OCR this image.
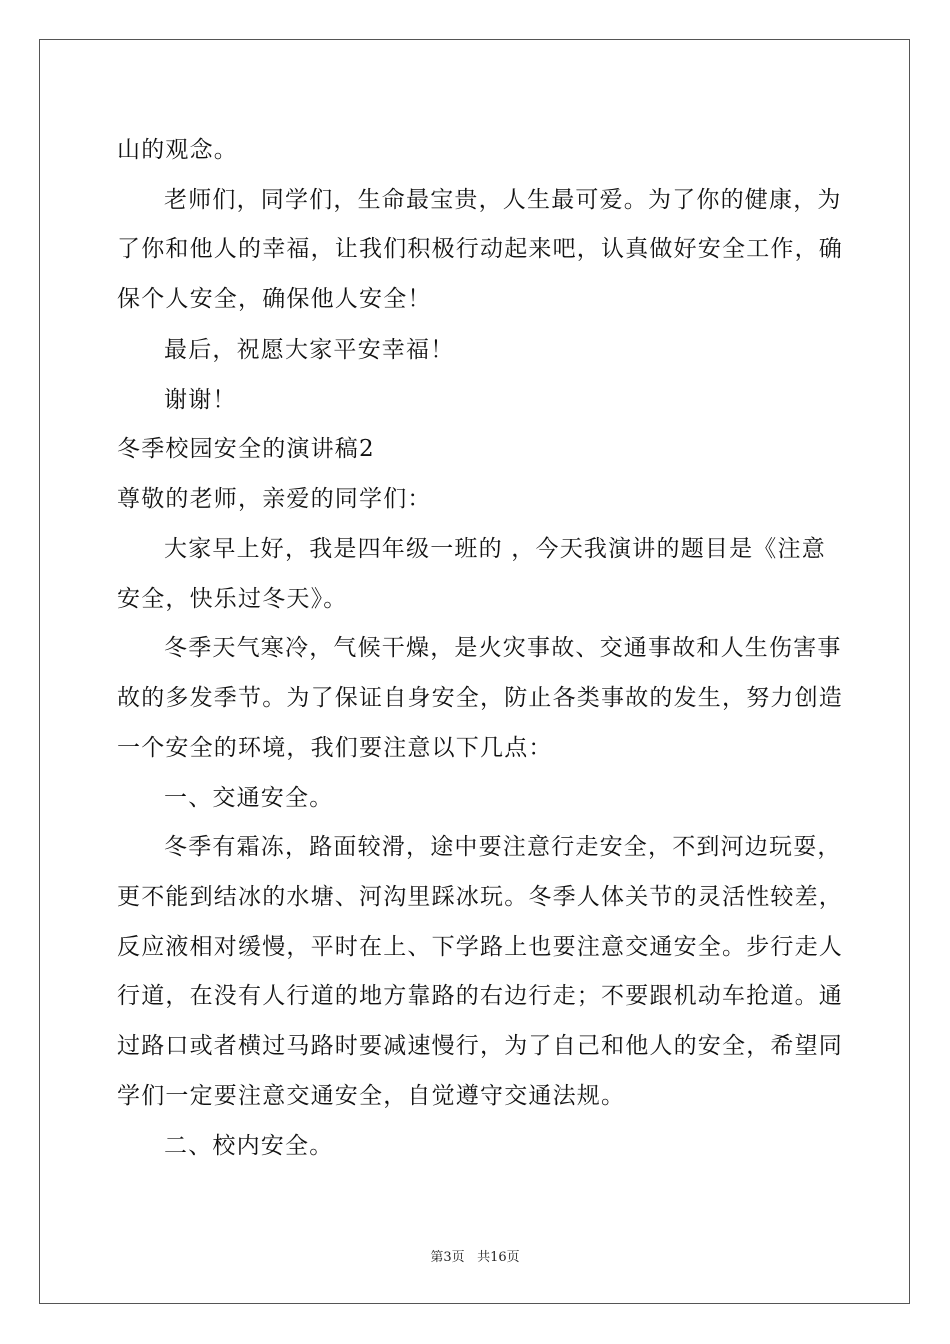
山的观念。
老师们，同学们，生命最宝贵，人生最可爱。为了你的健康，为
了你和他人的幸福，让我们积极行动起来吧，认真做好安全工作，确
保个人安全，确保他人安全！
最后，祝愿大家平安幸福！
谢谢！
冬季校园安全的演讲稿2
尊敬的老师，亲爱的同学们：
大家早上好，我是四年级一班的 ，今天我演讲的题目是《注意
安全，快乐过冬天》。
冬季天气寒冷，气候干燥，是火灾事故、交通事故和人生伤害事
故的多发季节。为了保证自身安全，防止各类事故的发生，努力创造
一个安全的环境，我们要注意以下几点：
一、交通安全。
冬季有霜冻，路面较滑，途中要注意行走安全，不到河边玩耍，
更不能到结冰的水塘、河沟里踩冰玩。冬季人体关节的灵活性较差，
反应液相对缓慢，平时在上、下学路上也要注意交通安全。步行走人
行道，在没有人行道的地方靠路的右边行走；不要跟机动车抢道。通
过路口或者横过马路时要减速慢行，为了自己和他人的安全，希望同
学们一定要注意交通安全，自觉遵守交通法规。
二、校内安全。
第3页 共16页
